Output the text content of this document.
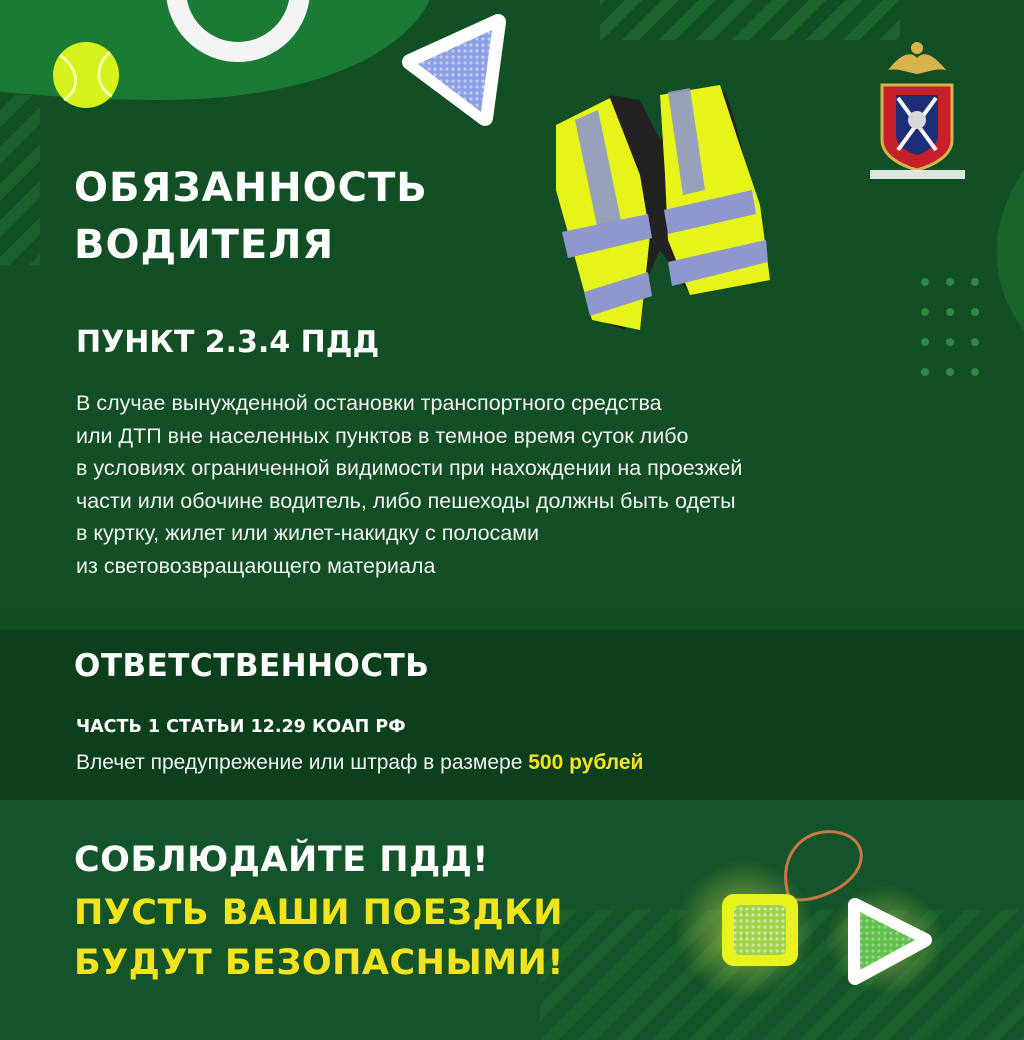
ОБЯЗАННОСТЬ
ВОДИТЕЛЯ
ПУНКТ 2.3.4 ПДД

В случае вынужденной остановки транспортного средства

или ДТП вне населенных пунктов в темное время суток либо

в условиях ограниченной видимости при нахождении на проезжей

части или обочине водитель, либо пешеходы должны быть одеты

в куртку, жилет или жилет-накидку с полосами

из световозвращающего материала

ОТВЕТСТВЕННОСТЬ
ЧАСТЬ 1 СТАТЬИ 12.29 КОАП РФ
Влечет предупрежение или штраф в размере 500 рублей
СОБЛЮДАЙТЕ ПДД!
ПУСТЬ ВАШИ ПОЕЗДКИ
БУДУТ БЕЗОПАСНЫМИ!
